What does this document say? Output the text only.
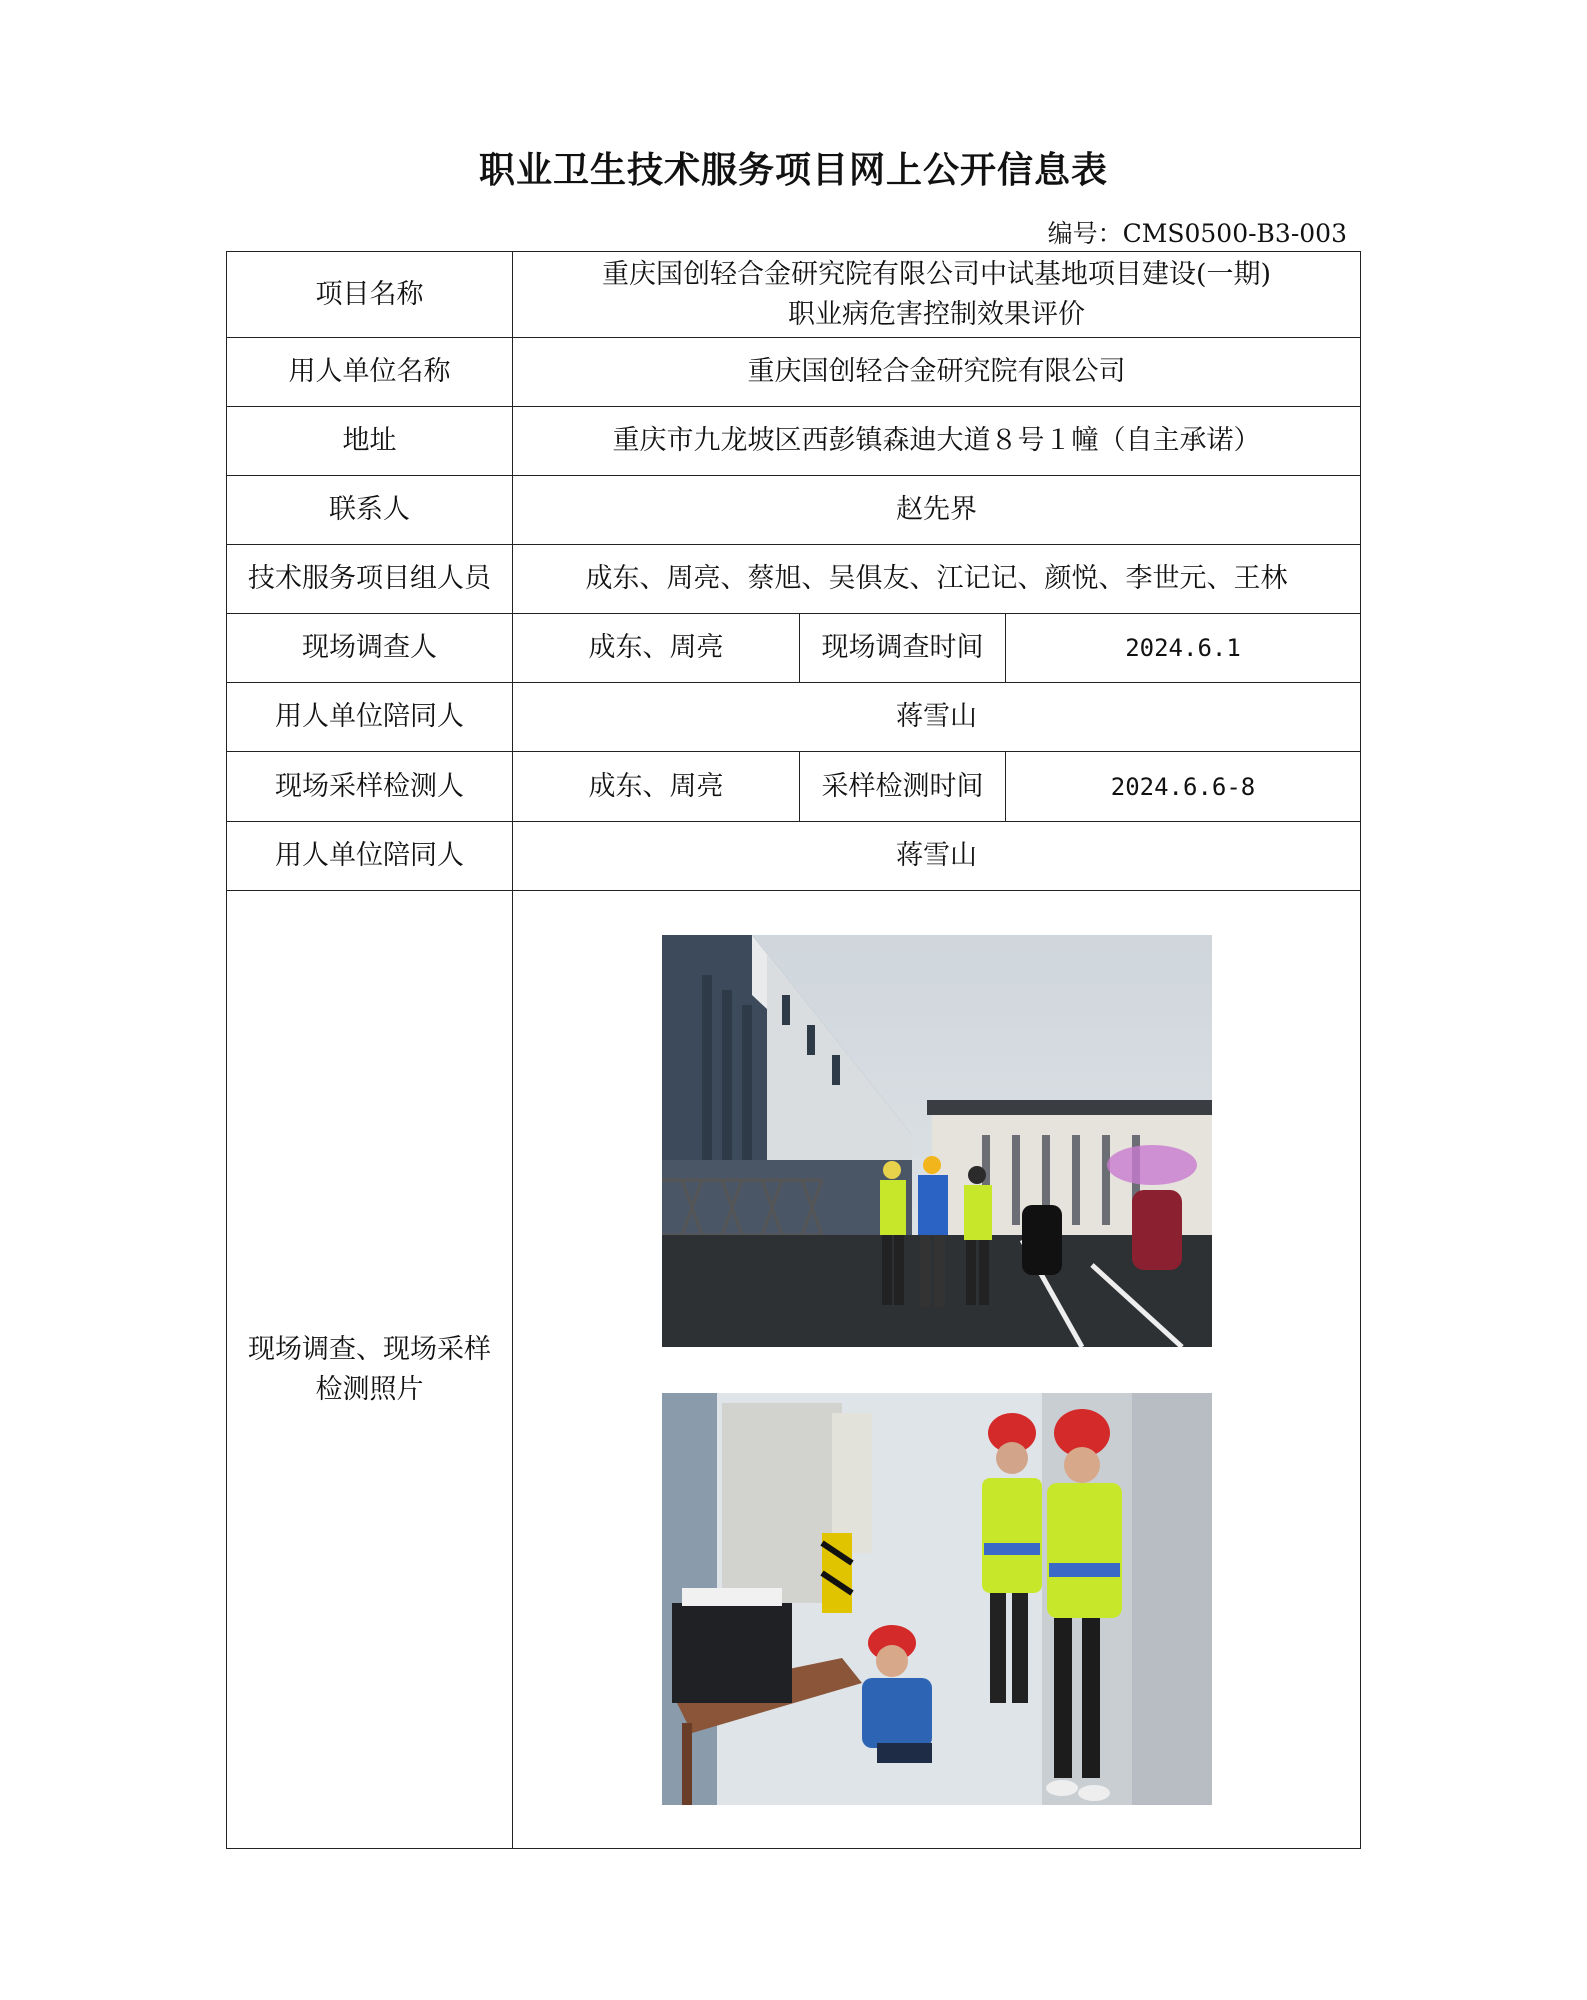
职业卫生技术服务项目网上公开信息表
编号：CMS0500-B3-003
项目名称	重庆国创轻合金研究院有限公司中试基地项目建设(一期)
职业病危害控制效果评价		

用人单位名称	重庆国创轻合金研究院有限公司		
地址	重庆市九龙坡区西彭镇森迪大道８号１幢（自主承诺）		
联系人	赵先界		
技术服务项目组人员	成东、周亮、蔡旭、吴俱友、江记记、颜悦、李世元、王林		
现场调查人	成东、周亮	现场调查时间	2024.6.1
用人单位陪同人	蒋雪山		
现场采样检测人	成东、周亮	采样检测时间	2024.6.6-8
用人单位陪同人	蒋雪山		

现场调查、现场采样
检测照片
